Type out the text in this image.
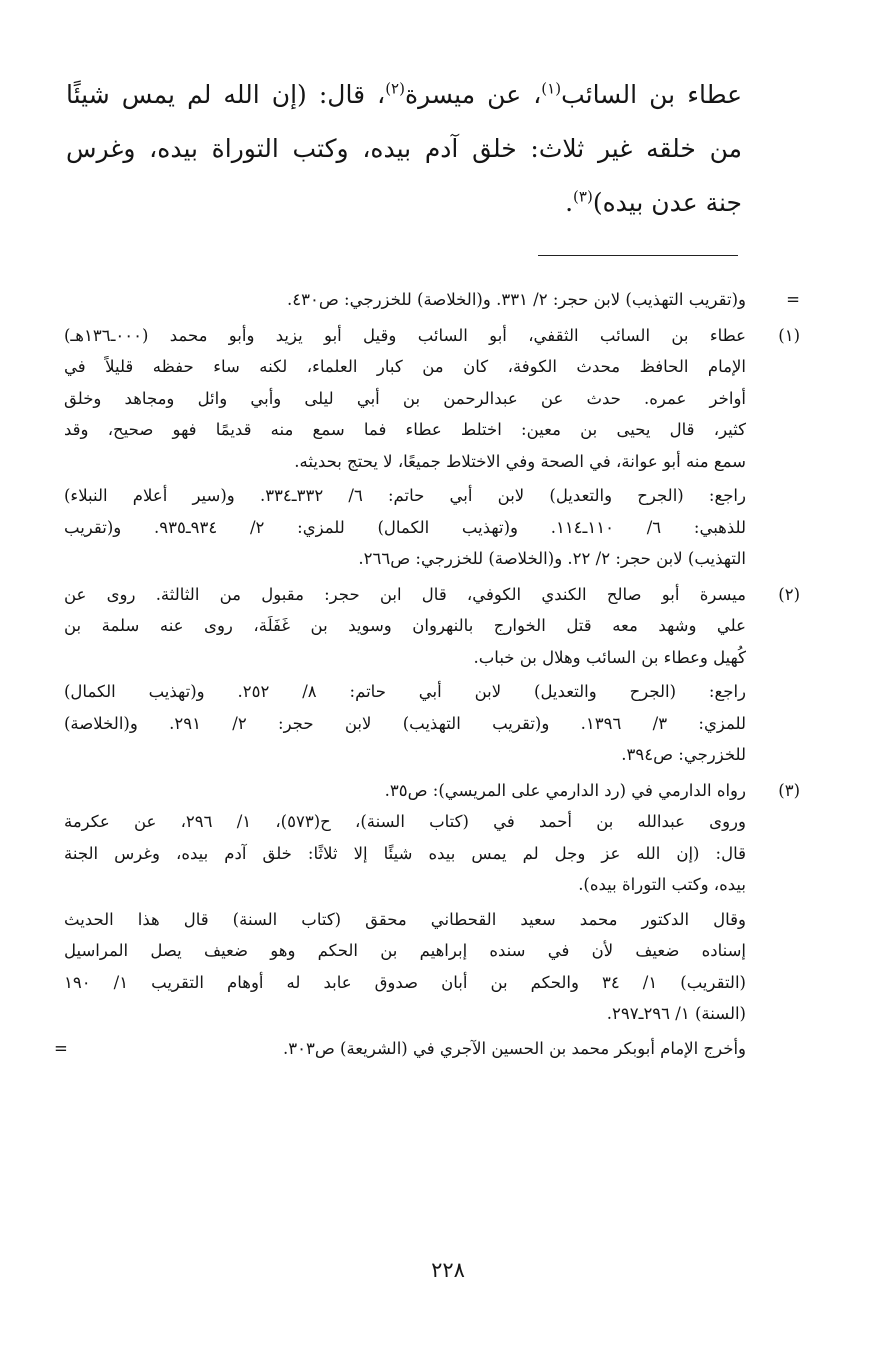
عطاء بن السائب$^{(١)}$، عن ميسرة$^{(٢)}$، قال: (إن الله لم يمس شيئًا
من خلقه غير ثلاث: خلق آدم بيده، وكتب التوراة بيده، وغرس
جنة عدن بيده)$^{(٣)}$.
=
و(تقريب التهذيب) لابن حجر: ٢/ ٣٣١. و(الخلاصة) للخزرجي: ص٤٣٠.
(١)
عطاء بن السائب الثقفي، أبو السائب وقيل أبو يزيد وأبو محمد (٠٠٠ـ١٣٦هـ)
الإمام الحافظ محدث الكوفة، كان من كبار العلماء، لكنه ساء حفظه قليلاً في
أواخر عمره. حدث عن عبدالرحمن بن أبي ليلى وأبي وائل ومجاهد وخلق
كثير، قال يحيى بن معين: اختلط عطاء فما سمع منه قديمًا فهو صحيح، وقد
سمع منه أبو عوانة، في الصحة وفي الاختلاط جميعًا، لا يحتج بحديثه.
راجع: (الجرح والتعديل) لابن أبي حاتم: ٦/ ٣٣٢ـ٣٣٤. و(سير أعلام النبلاء)
للذهبي: ٦/ ١١٠ـ١١٤. و(تهذيب الكمال) للمزي: ٢/ ٩٣٤ـ٩٣٥. و(تقريب
التهذيب) لابن حجر: ٢/ ٢٢. و(الخلاصة) للخزرجي: ص٢٦٦.
(٢)
ميسرة أبو صالح الكندي الكوفي، قال ابن حجر: مقبول من الثالثة. روى عن
علي وشهد معه قتل الخوارج بالنهروان وسويد بن غَفَلَة، روى عنه سلمة بن
كُهيل وعطاء بن السائب وهلال بن خباب.
راجع: (الجرح والتعديل) لابن أبي حاتم: ٨/ ٢٥٢. و(تهذيب الكمال)
للمزي: ٣/ ١٣٩٦. و(تقريب التهذيب) لابن حجر: ٢/ ٢٩١. و(الخلاصة)
للخزرجي: ص٣٩٤.
(٣)
رواه الدارمي في (رد الدارمي على المريسي): ص٣٥.
وروى عبدالله بن أحمد في (كتاب السنة)، ح(٥٧٣)، ١/ ٢٩٦، عن عكرمة
قال: (إن الله عز وجل لم يمس بيده شيئًا إلا ثلاثًا: خلق آدم بيده، وغرس الجنة
بيده، وكتب التوراة بيده).
وقال الدكتور محمد سعيد القحطاني محقق (كتاب السنة) قال هذا الحديث
إسناده ضعيف لأن في سنده إبراهيم بن الحكم وهو ضعيف يصل المراسيل
(التقريب) ١/ ٣٤ والحكم بن أبان صدوق عابد له أوهام التقريب ١/ ١٩٠
(السنة) ١/ ٢٩٦ـ٢٩٧.
وأخرج الإمام أبوبكر محمد بن الحسين الآجري في (الشريعة) ص٣٠٣.
=
٢٢٨
